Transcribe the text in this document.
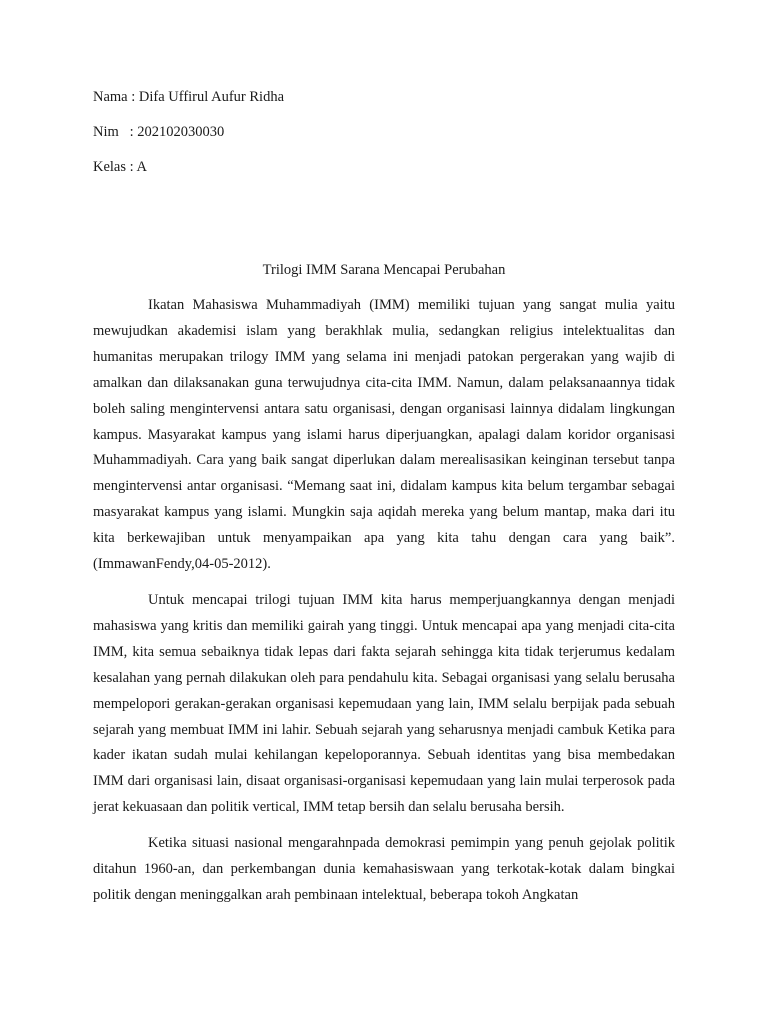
Nama : Difa Uffirul Aufur Ridha
Nim   : 202102030030
Kelas : A
Trilogi IMM Sarana Mencapai Perubahan

Ikatan Mahasiswa Muhammadiyah (IMM) memiliki tujuan yang sangat mulia yaitu mewujudkan akademisi islam yang berakhlak mulia, sedangkan religius intelektualitas dan humanitas merupakan trilogy IMM yang selama ini menjadi patokan pergerakan yang wajib di amalkan dan dilaksanakan guna terwujudnya cita-cita IMM. Namun, dalam pelaksanaannya tidak boleh saling mengintervensi antara satu organisasi, dengan organisasi lainnya didalam lingkungan kampus. Masyarakat kampus yang islami harus diperjuangkan, apalagi dalam koridor organisasi Muhammadiyah. Cara yang baik sangat diperlukan dalam merealisasikan keinginan tersebut tanpa mengintervensi antar organisasi. “Memang saat ini, didalam kampus kita belum tergambar sebagai masyarakat kampus yang islami. Mungkin saja aqidah mereka yang belum mantap, maka dari itu kita berkewajiban untuk menyampaikan apa yang kita tahu dengan cara yang baik”. (ImmawanFendy,04-05-2012).

Untuk mencapai trilogi tujuan IMM kita harus memperjuangkannya dengan menjadi mahasiswa yang kritis dan memiliki gairah yang tinggi. Untuk mencapai apa yang menjadi cita-cita IMM, kita semua sebaiknya tidak lepas dari fakta sejarah sehingga kita tidak terjerumus kedalam kesalahan yang pernah dilakukan oleh para pendahulu kita. Sebagai organisasi yang selalu berusaha mempelopori gerakan-gerakan organisasi kepemudaan yang lain, IMM selalu berpijak pada sebuah sejarah yang membuat IMM ini lahir. Sebuah sejarah yang seharusnya menjadi cambuk Ketika para kader ikatan sudah mulai kehilangan kepeloporannya. Sebuah identitas yang bisa membedakan IMM dari organisasi lain, disaat organisasi-organisasi kepemudaan yang lain mulai terperosok pada jerat kekuasaan dan politik vertical, IMM tetap bersih dan selalu berusaha bersih.

Ketika situasi nasional mengarahnpada demokrasi pemimpin yang penuh gejolak politik ditahun 1960-an, dan perkembangan dunia kemahasiswaan yang terkotak-kotak dalam bingkai politik dengan meninggalkan arah pembinaan intelektual, beberapa tokoh Angkatan
